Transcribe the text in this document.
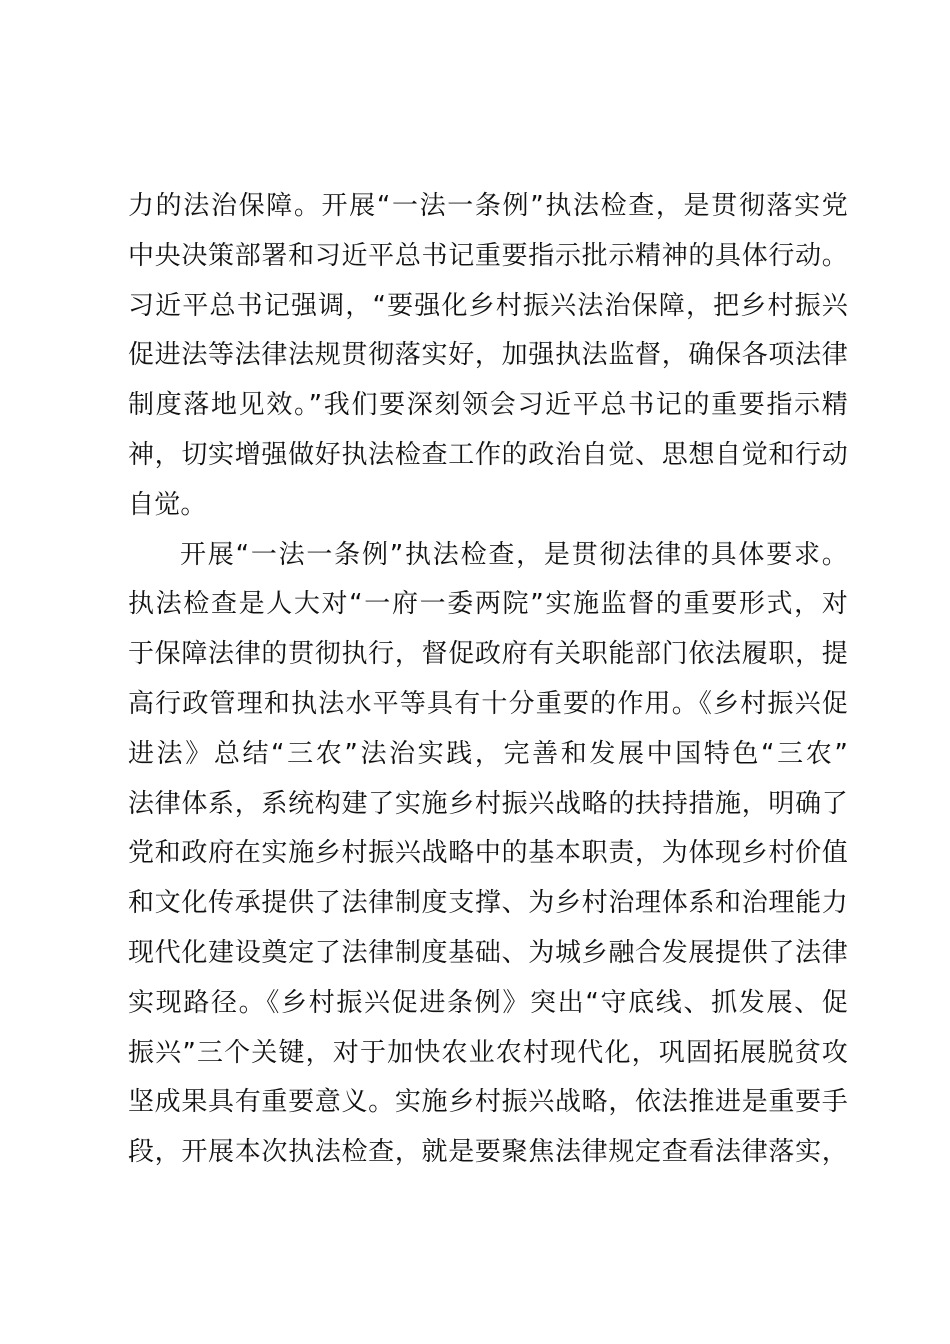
力的法治保障。开展“一法一条例”执法检查，是贯彻落实党
中央决策部署和习近平总书记重要指示批示精神的具体行动。
习近平总书记强调，“要强化乡村振兴法治保障，把乡村振兴
促进法等法律法规贯彻落实好，加强执法监督，确保各项法律
制度落地见效。”我们要深刻领会习近平总书记的重要指示精
神，切实增强做好执法检查工作的政治自觉、思想自觉和行动
自觉。
开展“一法一条例”执法检查，是贯彻法律的具体要求。
执法检查是人大对“一府一委两院”实施监督的重要形式，对
于保障法律的贯彻执行，督促政府有关职能部门依法履职，提
高行政管理和执法水平等具有十分重要的作用。《乡村振兴促
进法》总结“三农”法治实践，完善和发展中国特色“三农”
法律体系，系统构建了实施乡村振兴战略的扶持措施，明确了
党和政府在实施乡村振兴战略中的基本职责，为体现乡村价值
和文化传承提供了法律制度支撑、为乡村治理体系和治理能力
现代化建设奠定了法律制度基础、为城乡融合发展提供了法律
实现路径。《乡村振兴促进条例》突出“守底线、抓发展、促
振兴”三个关键，对于加快农业农村现代化，巩固拓展脱贫攻
坚成果具有重要意义。实施乡村振兴战略，依法推进是重要手
段，开展本次执法检查，就是要聚焦法律规定查看法律落实，
